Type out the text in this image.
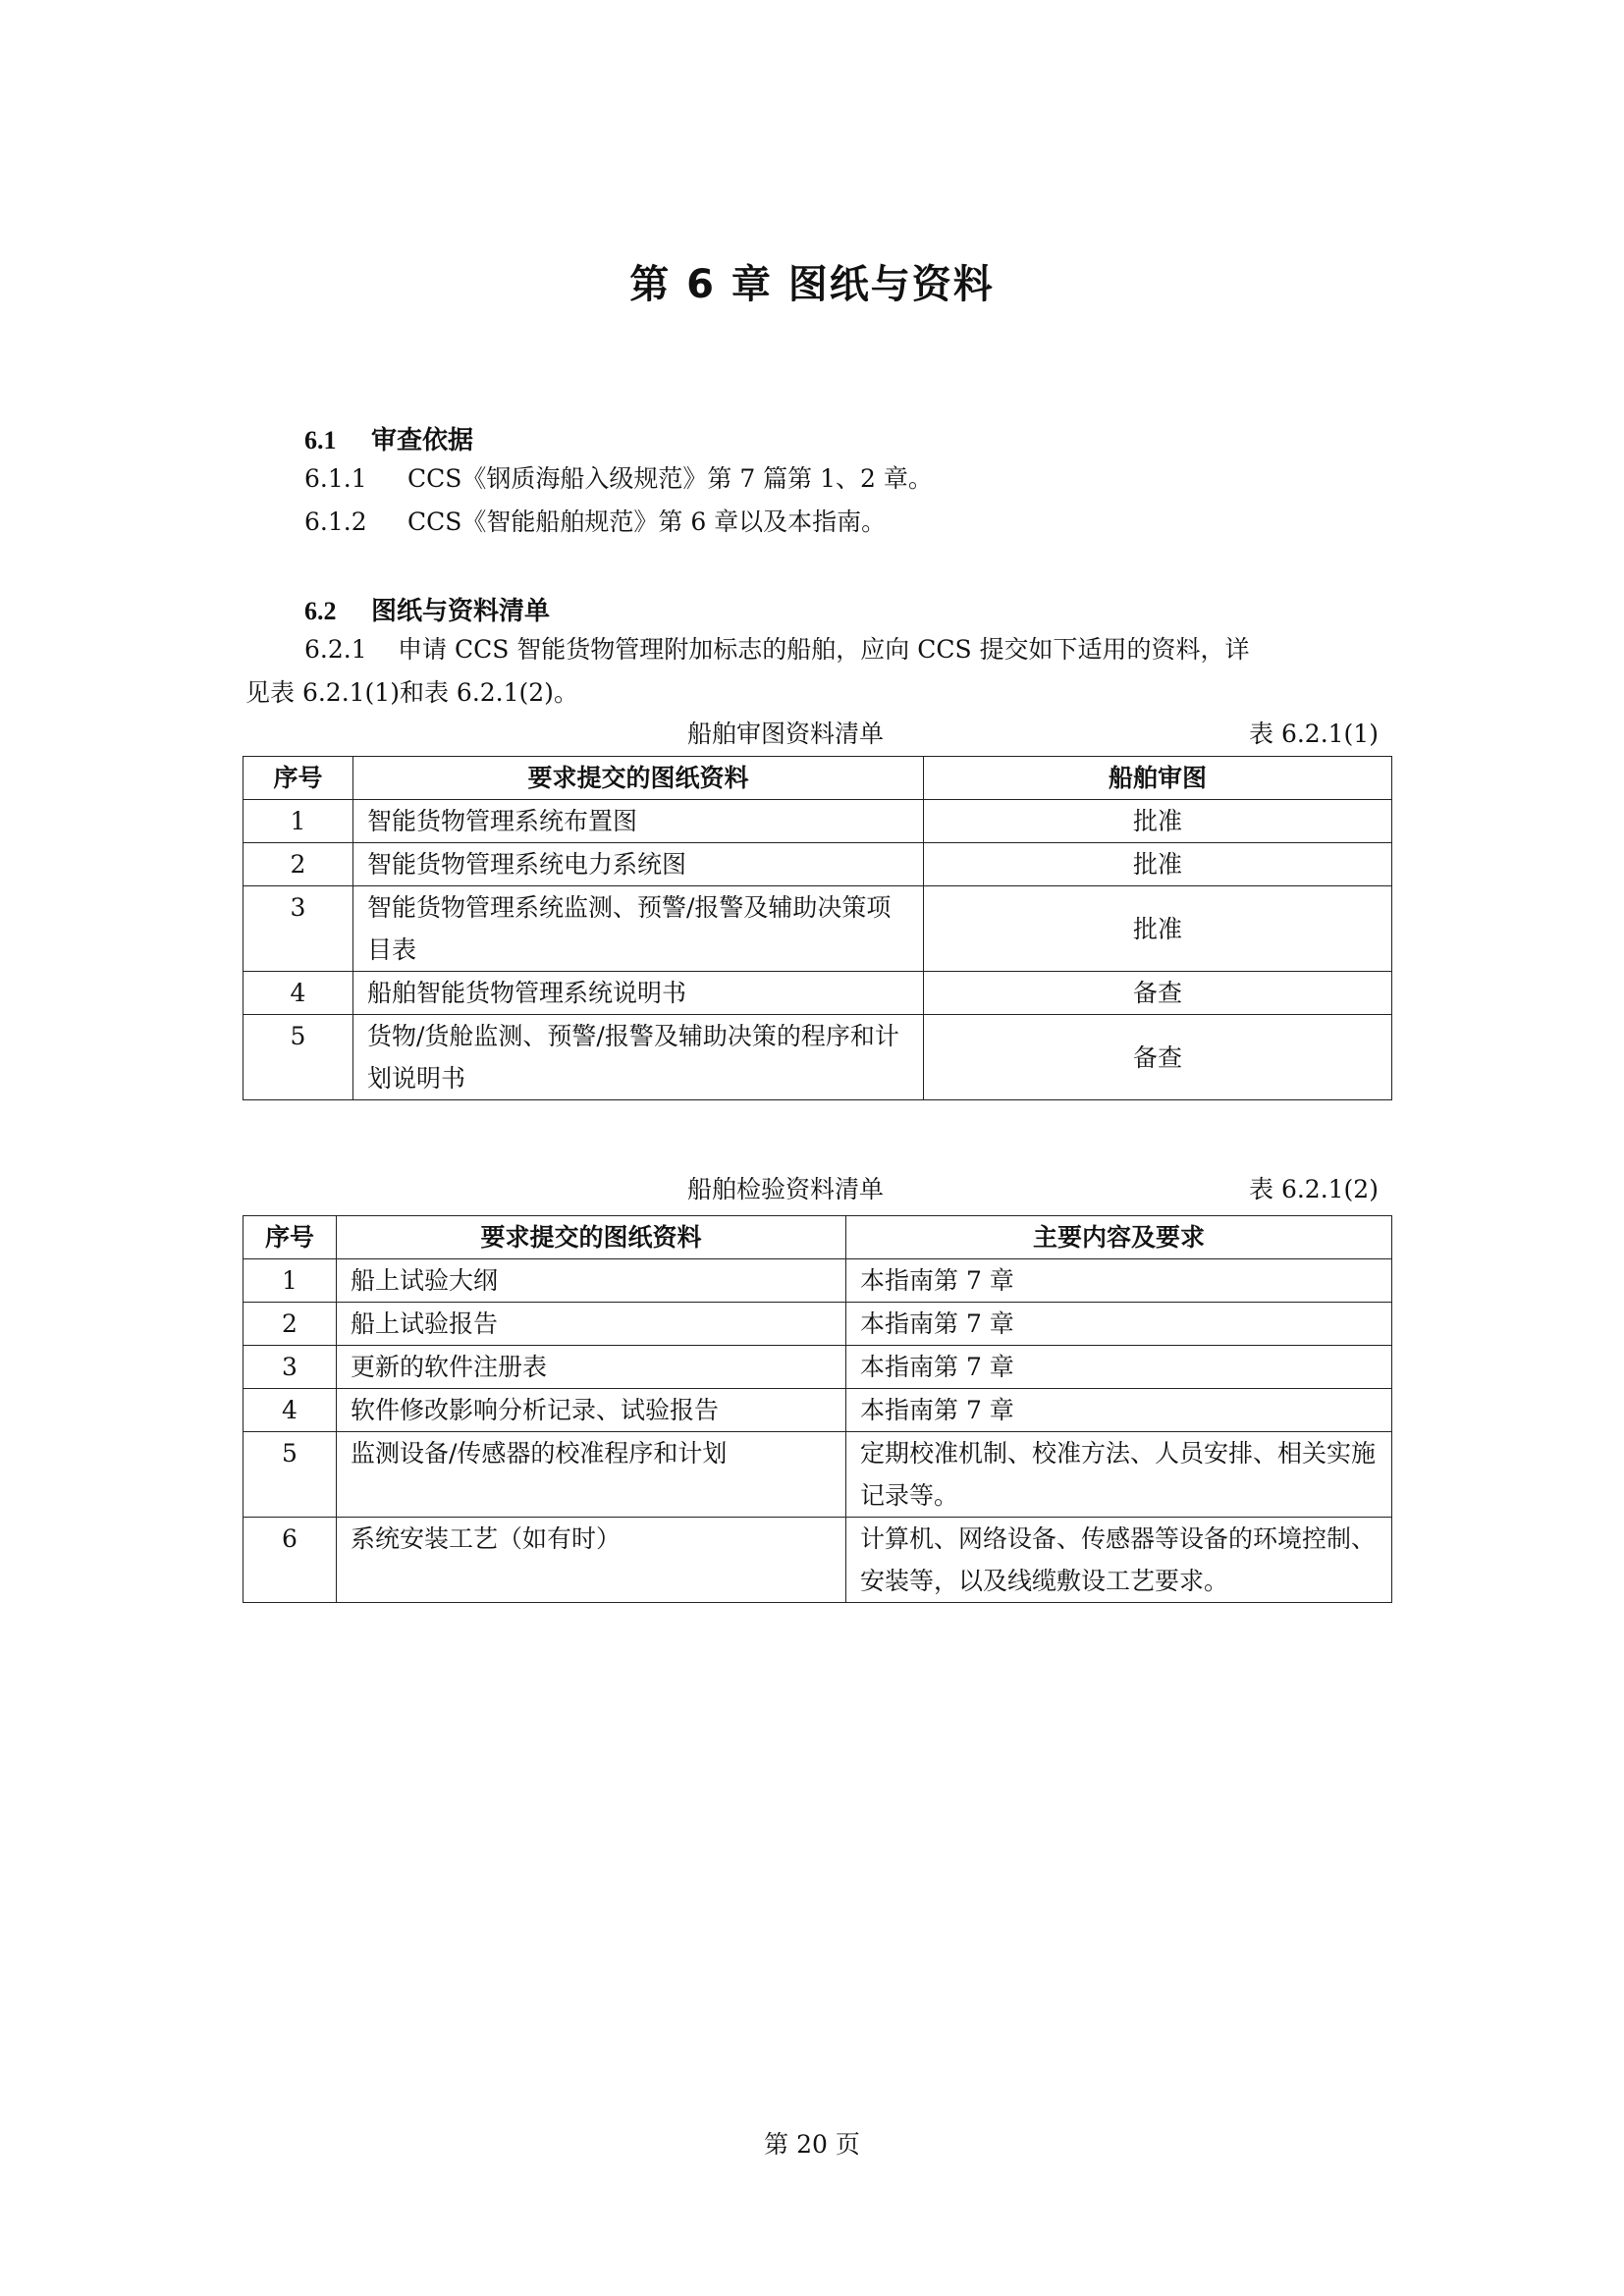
第 6 章 图纸与资料
6.1 审查依据
6.1.1 CCS《钢质海船入级规范》第 7 篇第 1、2 章。
6.1.2 CCS《智能船舶规范》第 6 章以及本指南。
6.2 图纸与资料清单
6.2.1 申请 CCS 智能货物管理附加标志的船舶，应向 CCS 提交如下适用的资料，详
见表 6.2.1(1)和表 6.2.1(2)。
船舶审图资料清单	表 6.2.1(1)
序号	要求提交的图纸资料	船舶审图
1	智能货物管理系统布置图	批准
2	智能货物管理系统电力系统图	批准
3	智能货物管理系统监测、预警/报警及辅助决策项目表	批准
4	船舶智能货物管理系统说明书	备查
5	货物/货舱监测、预警/报警及辅助决策的程序和计划说明书	备查
船舶检验资料清单	表 6.2.1(2)
序号	要求提交的图纸资料	主要内容及要求
1	船上试验大纲	本指南第 7 章
2	船上试验报告	本指南第 7 章
3	更新的软件注册表	本指南第 7 章
4	软件修改影响分析记录、试验报告	本指南第 7 章
5	监测设备/传感器的校准程序和计划	定期校准机制、校准方法、人员安排、相关实施记录等。
6	系统安装工艺（如有时）	计算机、网络设备、传感器等设备的环境控制、安装等，以及线缆敷设工艺要求。
第 20 页
